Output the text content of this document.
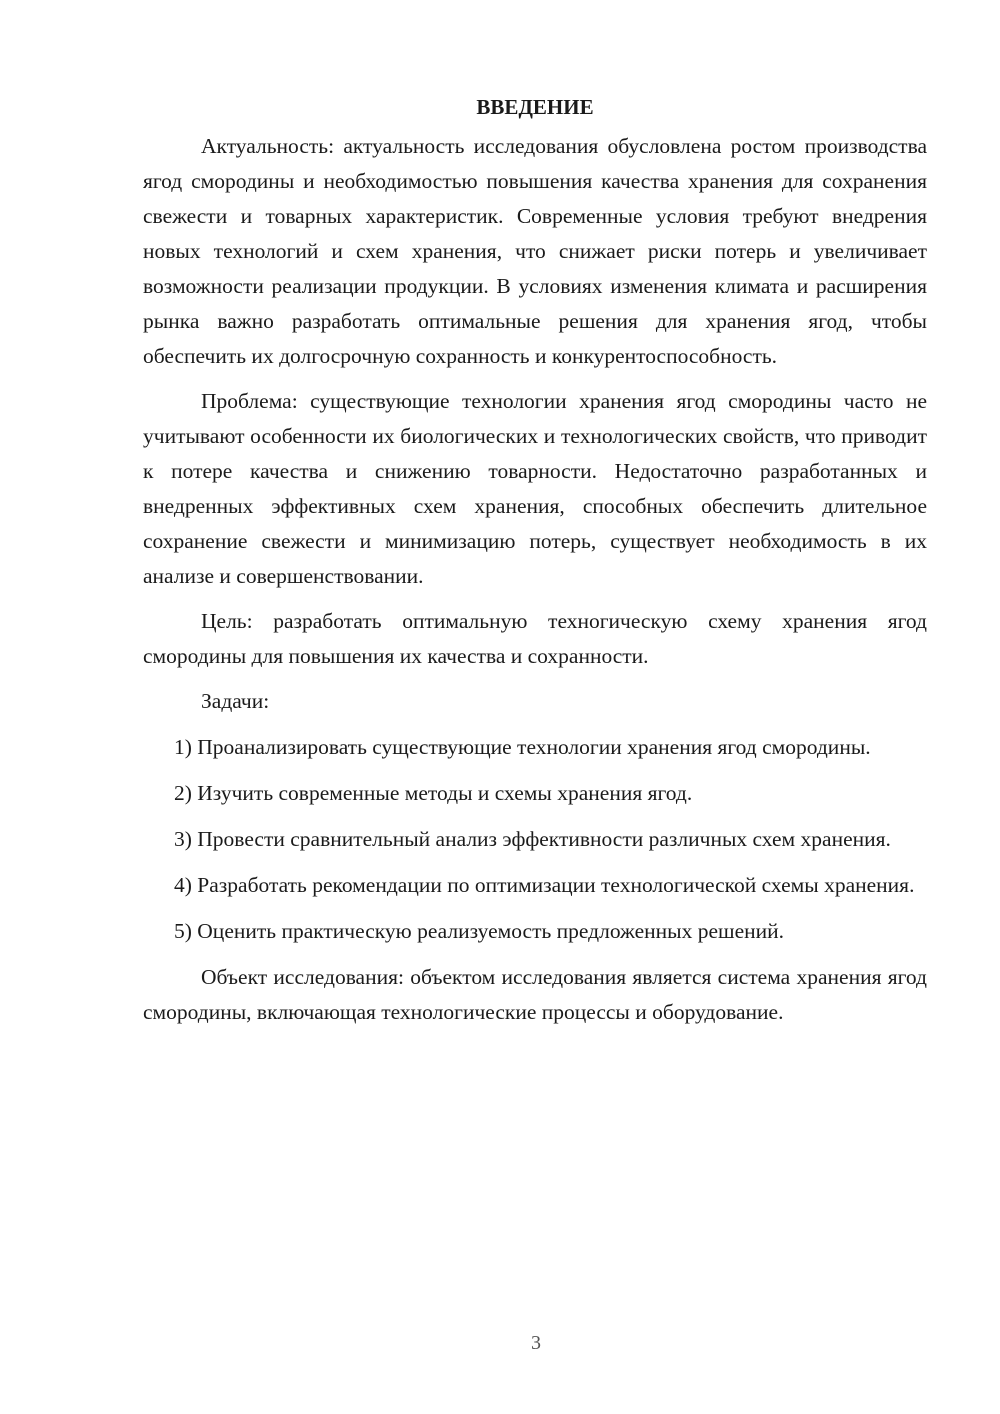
ВВЕДЕНИЕ

Актуальность: актуальность исследования обусловлена ростом производства ягод смородины и необходимостью повышения качества хранения для сохранения свежести и товарных характеристик. Современные условия требуют внедрения новых технологий и схем хранения, что снижает риски потерь и увеличивает возможности реализации продукции. В условиях изменения климата и расширения рынка важно разработать оптимальные решения для хранения ягод, чтобы обеспечить их долгосрочную сохранность и конкурентоспособность.

Проблема: существующие технологии хранения ягод смородины часто не учитывают особенности их биологических и технологических свойств, что приводит к потере качества и снижению товарности. Недостаточно разработанных и внедренных эффективных схем хранения, способных обеспечить длительное сохранение свежести и минимизацию потерь, существует необходимость в их анализе и совершенствовании.

Цель: разработать оптимальную техногическую схему хранения ягод смородины для повышения их качества и сохранности.

Задачи:

1) Проанализировать существующие технологии хранения ягод смородины.

2) Изучить современные методы и схемы хранения ягод.

3) Провести сравнительный анализ эффективности различных схем хранения.

4) Разработать рекомендации по оптимизации технологической схемы хранения.

5) Оценить практическую реализуемость предложенных решений.

Объект исследования: объектом исследования является система хранения ягод смородины, включающая технологические процессы и оборудование.

3
